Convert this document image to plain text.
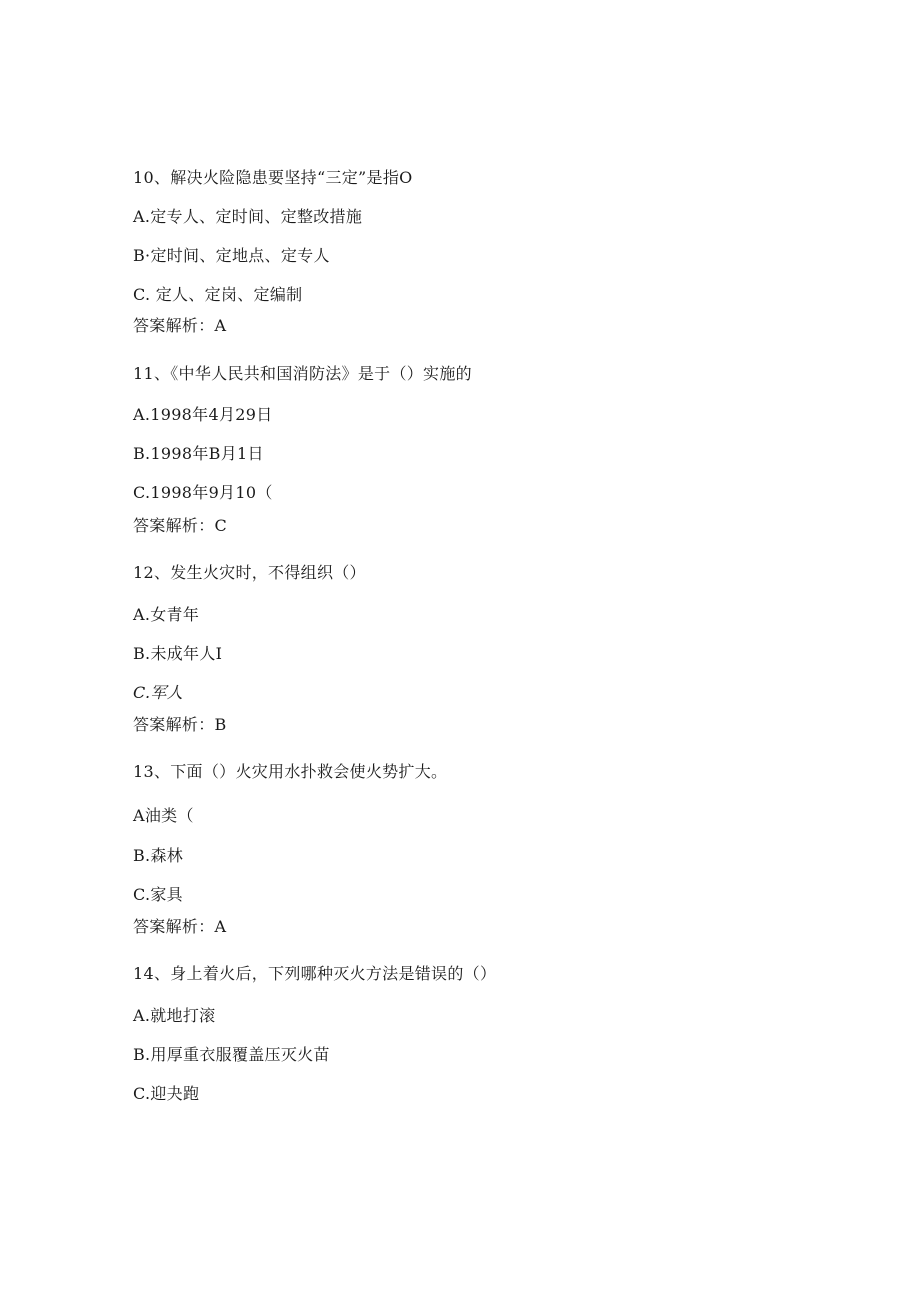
10、解决火险隐患要坚持“三定”是指O
A.定专人、定时间、定整改措施
B·定时间、定地点、定专人
C. 定人、定岗、定编制
答案解析：A
11、《中华人民共和国消防法》是于（）实施的
A.1998年4月29日
B.1998年B月1日
C.1998年9月10（
答案解析：C
12、发生火灾时，不得组织（）
A.女青年
B.未成年人I
C.军人
答案解析：B
13、下面（）火灾用水扑救会使火势扩大。
A油类（
B.森林
C.家具
答案解析：A
14、身上着火后，下列哪种灭火方法是错误的（）
A.就地打滚
B.用厚重衣服覆盖压灭火苗
C.迎夬跑
